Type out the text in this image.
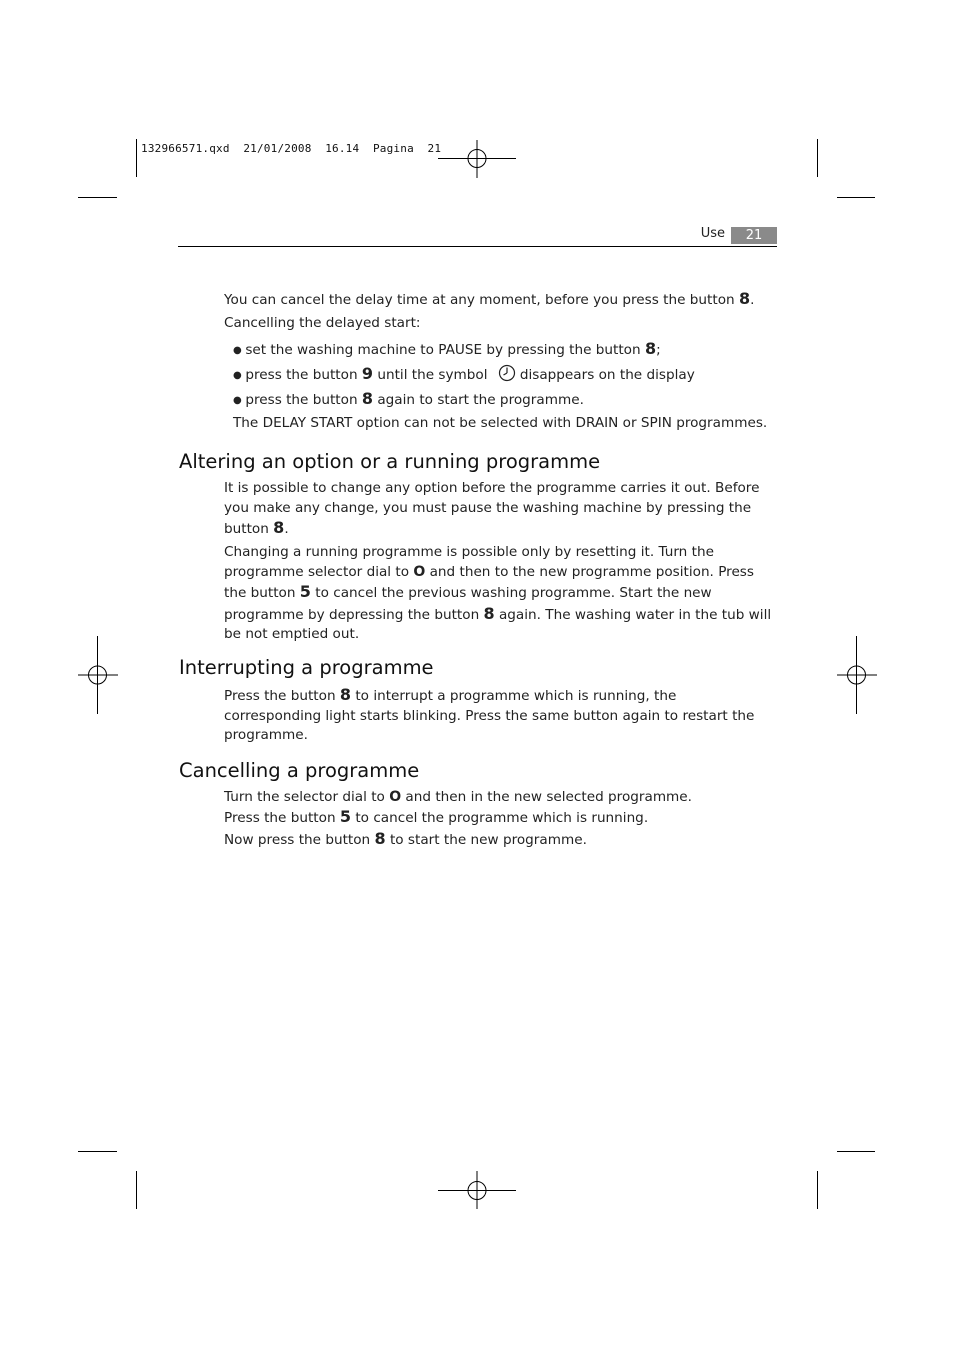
132966571.qxd  21/01/2008  16.14  Pagina  21
Use	21
You can cancel the delay time at any moment, before you press the button 8.
Cancelling the delayed start:
● set the washing machine to PAUSE by pressing the button 8;
● press the button 9 until the symbol disappears on the display
● press the button 8 again to start the programme.
The DELAY START option can not be selected with DRAIN or SPIN programmes.
Altering an option or a running programme
It is possible to change any option before the programme carries it out. Before you make any change, you must pause the washing machine by pressing the button 8.
Changing a running programme is possible only by resetting it. Turn the programme selector dial to O and then to the new programme position. Press the button 5 to cancel the previous washing programme. Start the new programme by depressing the button 8 again. The washing water in the tub will be not emptied out.
Interrupting a programme
Press the button 8 to interrupt a programme which is running, the corresponding light starts blinking. Press the same button again to restart the programme.
Cancelling a programme
Turn the selector dial to O and then in the new selected programme.
Press the button 5 to cancel the programme which is running.
Now press the button 8 to start the new programme.
